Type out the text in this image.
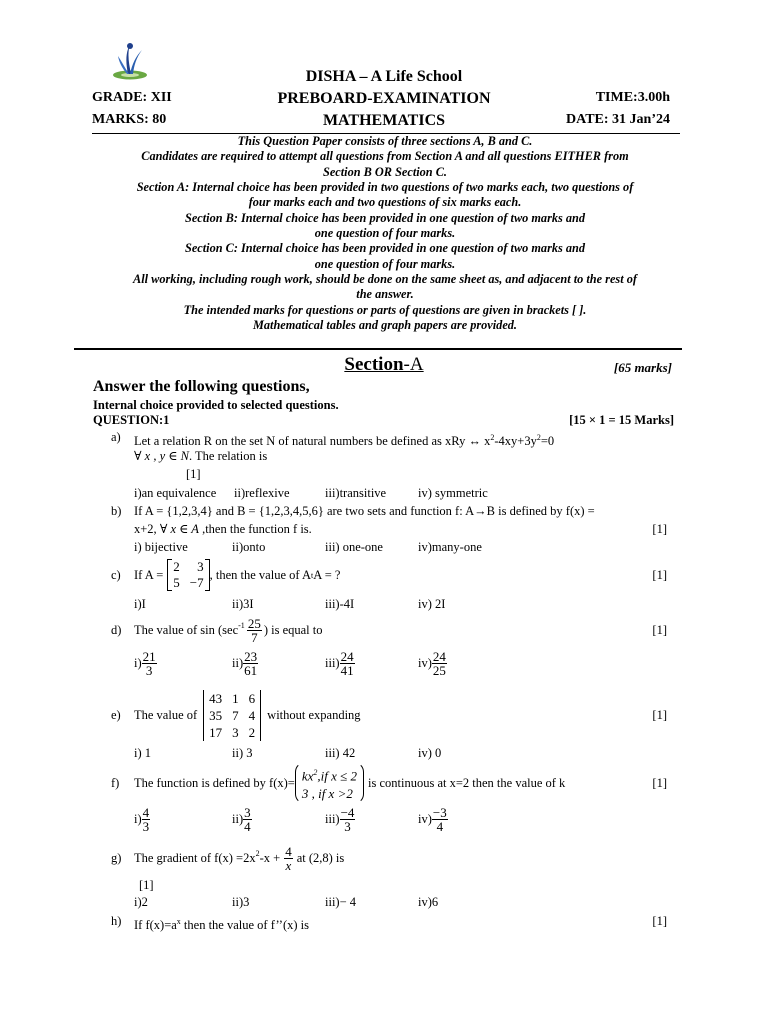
DISHA – A Life School
PREBOARD-EXAMINATION
MATHEMATICS
GRADE: XII
MARKS: 80
TIME:3.00h
DATE: 31 Jan’24
This Question Paper consists of three sections A, B and C.
Candidates are required to attempt all questions from Section A and all questions EITHER from
Section B OR Section C.
Section A: Internal choice has been provided in two questions of two marks each, two questions of
four marks each and two questions of six marks each.
Section B: Internal choice has been provided in one question of two marks and
one question of four marks.
Section C: Internal choice has been provided in one question of two marks and
one question of four marks.
All working, including rough work, should be done on the same sheet as, and adjacent to the rest of
the answer.
The intended marks for questions or parts of questions are given in brackets [ ].
Mathematical tables and graph papers are provided.
Section-A	[65 marks]
Answer the following questions,
Internal choice provided to selected questions.
QUESTION:1	[15 × 1 = 15 Marks]
a) Let a relation R on the set N of natural numbers be defined as xRy ↔ $x^2-4xy+3y^2=0$
∀ x , y ∈ N. The relation is
[1]
i)an equivalence ii)reflexive	iii)transitive	iv) symmetric
b) If A = {1,2,3,4} and B = {1,2,3,4,5,6} are two sets and function f: A→B is defined by f(x) =
x+2, ∀ x ∈ A ,then the function f is.	[1]
i) bijective	ii)onto	iii) one-one	iv)many-one
c) If A =
2	3
5 −7
, then the value of A t A = ?	[1]
i)I	ii)3I	iii)-4I	iv) 2I
d) The value of $\sin (\sec^{-1} \frac{25}{7}$ ) is equal to	[1]
$i) \frac{21}{3}$	$ii) \frac{23}{61}$	$iii) \frac{24}{41}$	$iv) \frac{24}{25}$
e) The value of
43 1 6
35 7 4
17 3 2
without expanding	[1]
i) 1	ii) 3	iii) 42	iv) 0
f) The function is defined by $f(x)= kx^2,if$ x ≤ 2
3 , if x >2
is continuous at x=2 then the value of k	[1]
$i) \frac{4}{3}$	$ii) \frac{3}{4}$	$iii) \frac{-4}{3}$	$iv) \frac{-3}{4}$
g) The gradient of $f(x) =2x^2$ $-x + \frac{4}{x}$ at (2,8) is
[1]
i)2	ii)3	iii)− 4	iv)6
h) If $f(x)=a^x$ then the value of f’’(x) is	[1]
